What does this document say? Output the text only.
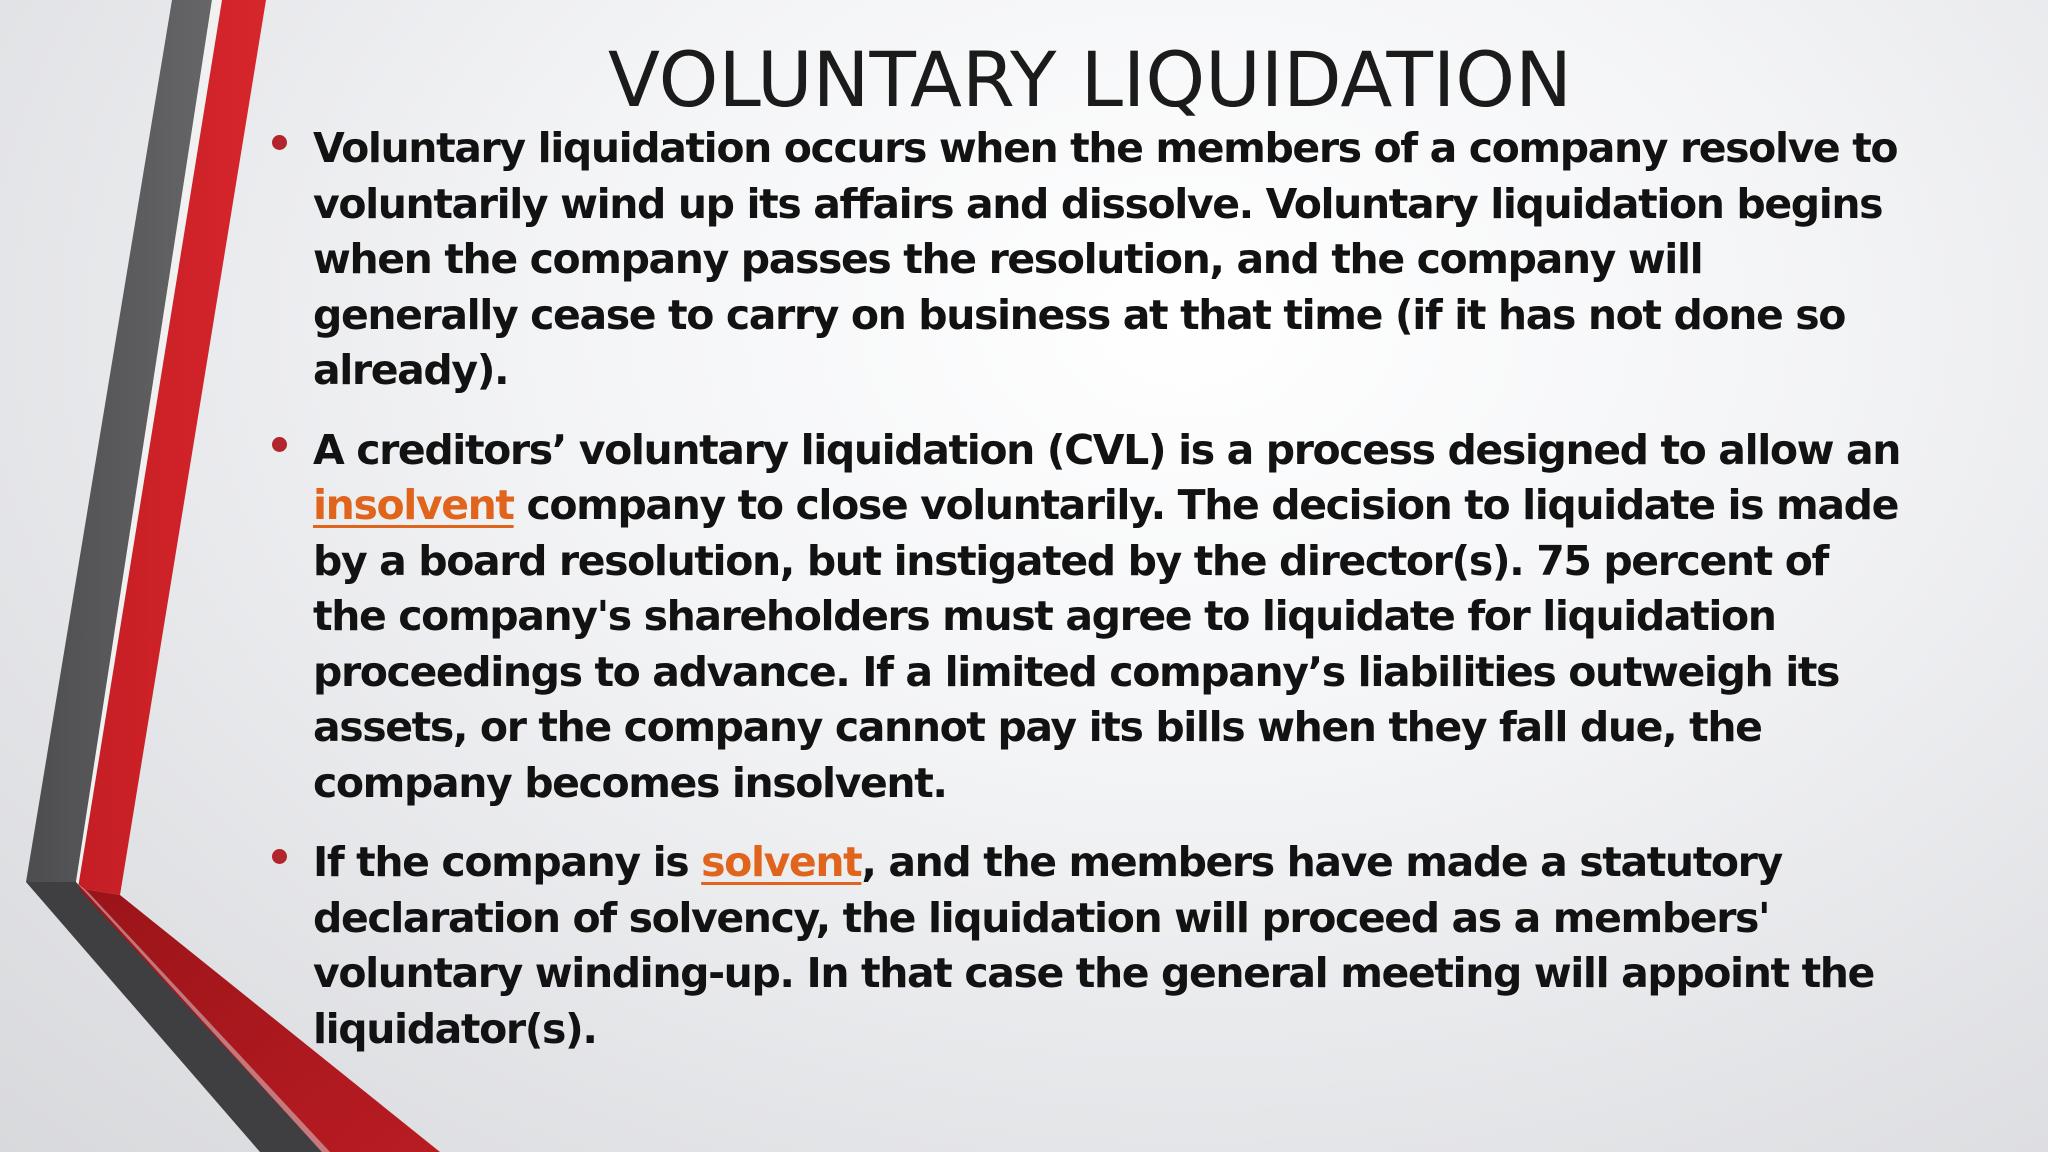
VOLUNTARY LIQUIDATION
Voluntary liquidation occurs when the members of a company resolve to voluntarily wind up its affairs and dissolve. Voluntary liquidation begins when the company passes the resolution, and the company will generally cease to carry on business at that time (if it has not done so already).
A creditors’ voluntary liquidation (CVL) is a process designed to allow an insolvent company to close voluntarily. The decision to liquidate is made by a board resolution, but instigated by the director(s). 75 percent of the company's shareholders must agree to liquidate for liquidation proceedings to advance. If a limited company’s liabilities outweigh its assets, or the company cannot pay its bills when they fall due, the company becomes insolvent.
If the company is solvent, and the members have made a statutory declaration of solvency, the liquidation will proceed as a members' voluntary winding-up. In that case the general meeting will appoint the liquidator(s).
